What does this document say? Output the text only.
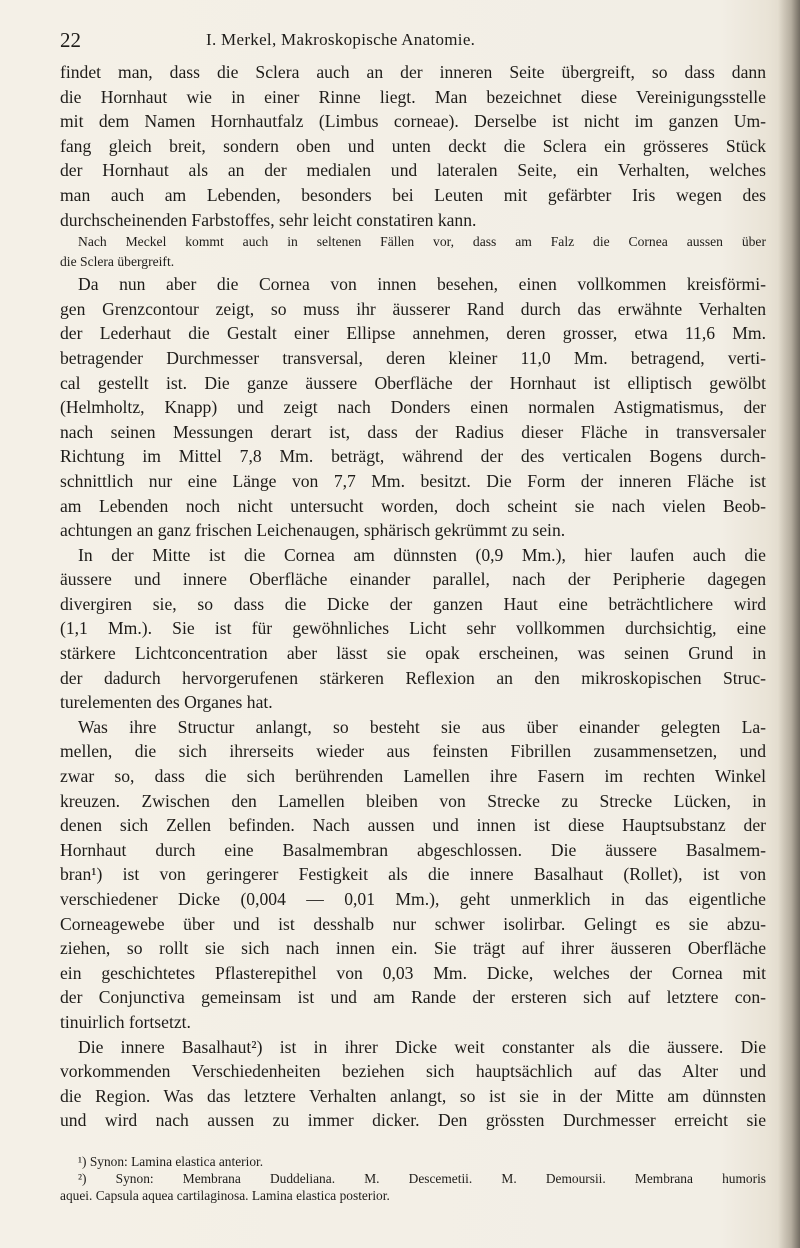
22	I. Merkel, Makroskopische Anatomie.
findet man, dass die Sclera auch an der inneren Seite übergreift, so dass dann
die Hornhaut wie in einer Rinne liegt. Man bezeichnet diese Vereinigungsstelle
mit dem Namen Hornhautfalz (Limbus corneae). Derselbe ist nicht im ganzen Um-
fang gleich breit, sondern oben und unten deckt die Sclera ein grösseres Stück
der Hornhaut als an der medialen und lateralen Seite, ein Verhalten, welches
man auch am Lebenden, besonders bei Leuten mit gefärbter Iris wegen des
durchscheinenden Farbstoffes, sehr leicht constatiren kann.
Nach Meckel kommt auch in seltenen Fällen vor, dass am Falz die Cornea aussen über
die Sclera übergreift.
Da nun aber die Cornea von innen besehen, einen vollkommen kreisförmi-
gen Grenzcontour zeigt, so muss ihr äusserer Rand durch das erwähnte Verhalten
der Lederhaut die Gestalt einer Ellipse annehmen, deren grosser, etwa 11,6 Mm.
betragender Durchmesser transversal, deren kleiner 11,0 Mm. betragend, verti-
cal gestellt ist. Die ganze äussere Oberfläche der Hornhaut ist elliptisch gewölbt
(Helmholtz, Knapp) und zeigt nach Donders einen normalen Astigmatismus, der
nach seinen Messungen derart ist, dass der Radius dieser Fläche in transversaler
Richtung im Mittel 7,8 Mm. beträgt, während der des verticalen Bogens durch-
schnittlich nur eine Länge von 7,7 Mm. besitzt. Die Form der inneren Fläche ist
am Lebenden noch nicht untersucht worden, doch scheint sie nach vielen Beob-
achtungen an ganz frischen Leichenaugen, sphärisch gekrümmt zu sein.
In der Mitte ist die Cornea am dünnsten (0,9 Mm.), hier laufen auch die
äussere und innere Oberfläche einander parallel, nach der Peripherie dagegen
divergiren sie, so dass die Dicke der ganzen Haut eine beträchtlichere wird
(1,1 Mm.). Sie ist für gewöhnliches Licht sehr vollkommen durchsichtig, eine
stärkere Lichtconcentration aber lässt sie opak erscheinen, was seinen Grund in
der dadurch hervorgerufenen stärkeren Reflexion an den mikroskopischen Struc-
turelementen des Organes hat.
Was ihre Structur anlangt, so besteht sie aus über einander gelegten La-
mellen, die sich ihrerseits wieder aus feinsten Fibrillen zusammensetzen, und
zwar so, dass die sich berührenden Lamellen ihre Fasern im rechten Winkel
kreuzen. Zwischen den Lamellen bleiben von Strecke zu Strecke Lücken, in
denen sich Zellen befinden. Nach aussen und innen ist diese Hauptsubstanz der
Hornhaut durch eine Basalmembran abgeschlossen. Die äussere Basalmem-
bran¹) ist von geringerer Festigkeit als die innere Basalhaut (Rollet), ist von
verschiedener Dicke (0,004 — 0,01 Mm.), geht unmerklich in das eigentliche
Corneagewebe über und ist desshalb nur schwer isolirbar. Gelingt es sie abzu-
ziehen, so rollt sie sich nach innen ein. Sie trägt auf ihrer äusseren Oberfläche
ein geschichtetes Pflasterepithel von 0,03 Mm. Dicke, welches der Cornea mit
der Conjunctiva gemeinsam ist und am Rande der ersteren sich auf letztere con-
tinuirlich fortsetzt.
Die innere Basalhaut²) ist in ihrer Dicke weit constanter als die äussere. Die
vorkommenden Verschiedenheiten beziehen sich hauptsächlich auf das Alter und
die Region. Was das letztere Verhalten anlangt, so ist sie in der Mitte am dünnsten
und wird nach aussen zu immer dicker. Den grössten Durchmesser erreicht sie
¹) Synon: Lamina elastica anterior.
²) Synon: Membrana Duddeliana. M. Descemetii. M. Demoursii. Membrana humoris
aquei. Capsula aquea cartilaginosa. Lamina elastica posterior.
